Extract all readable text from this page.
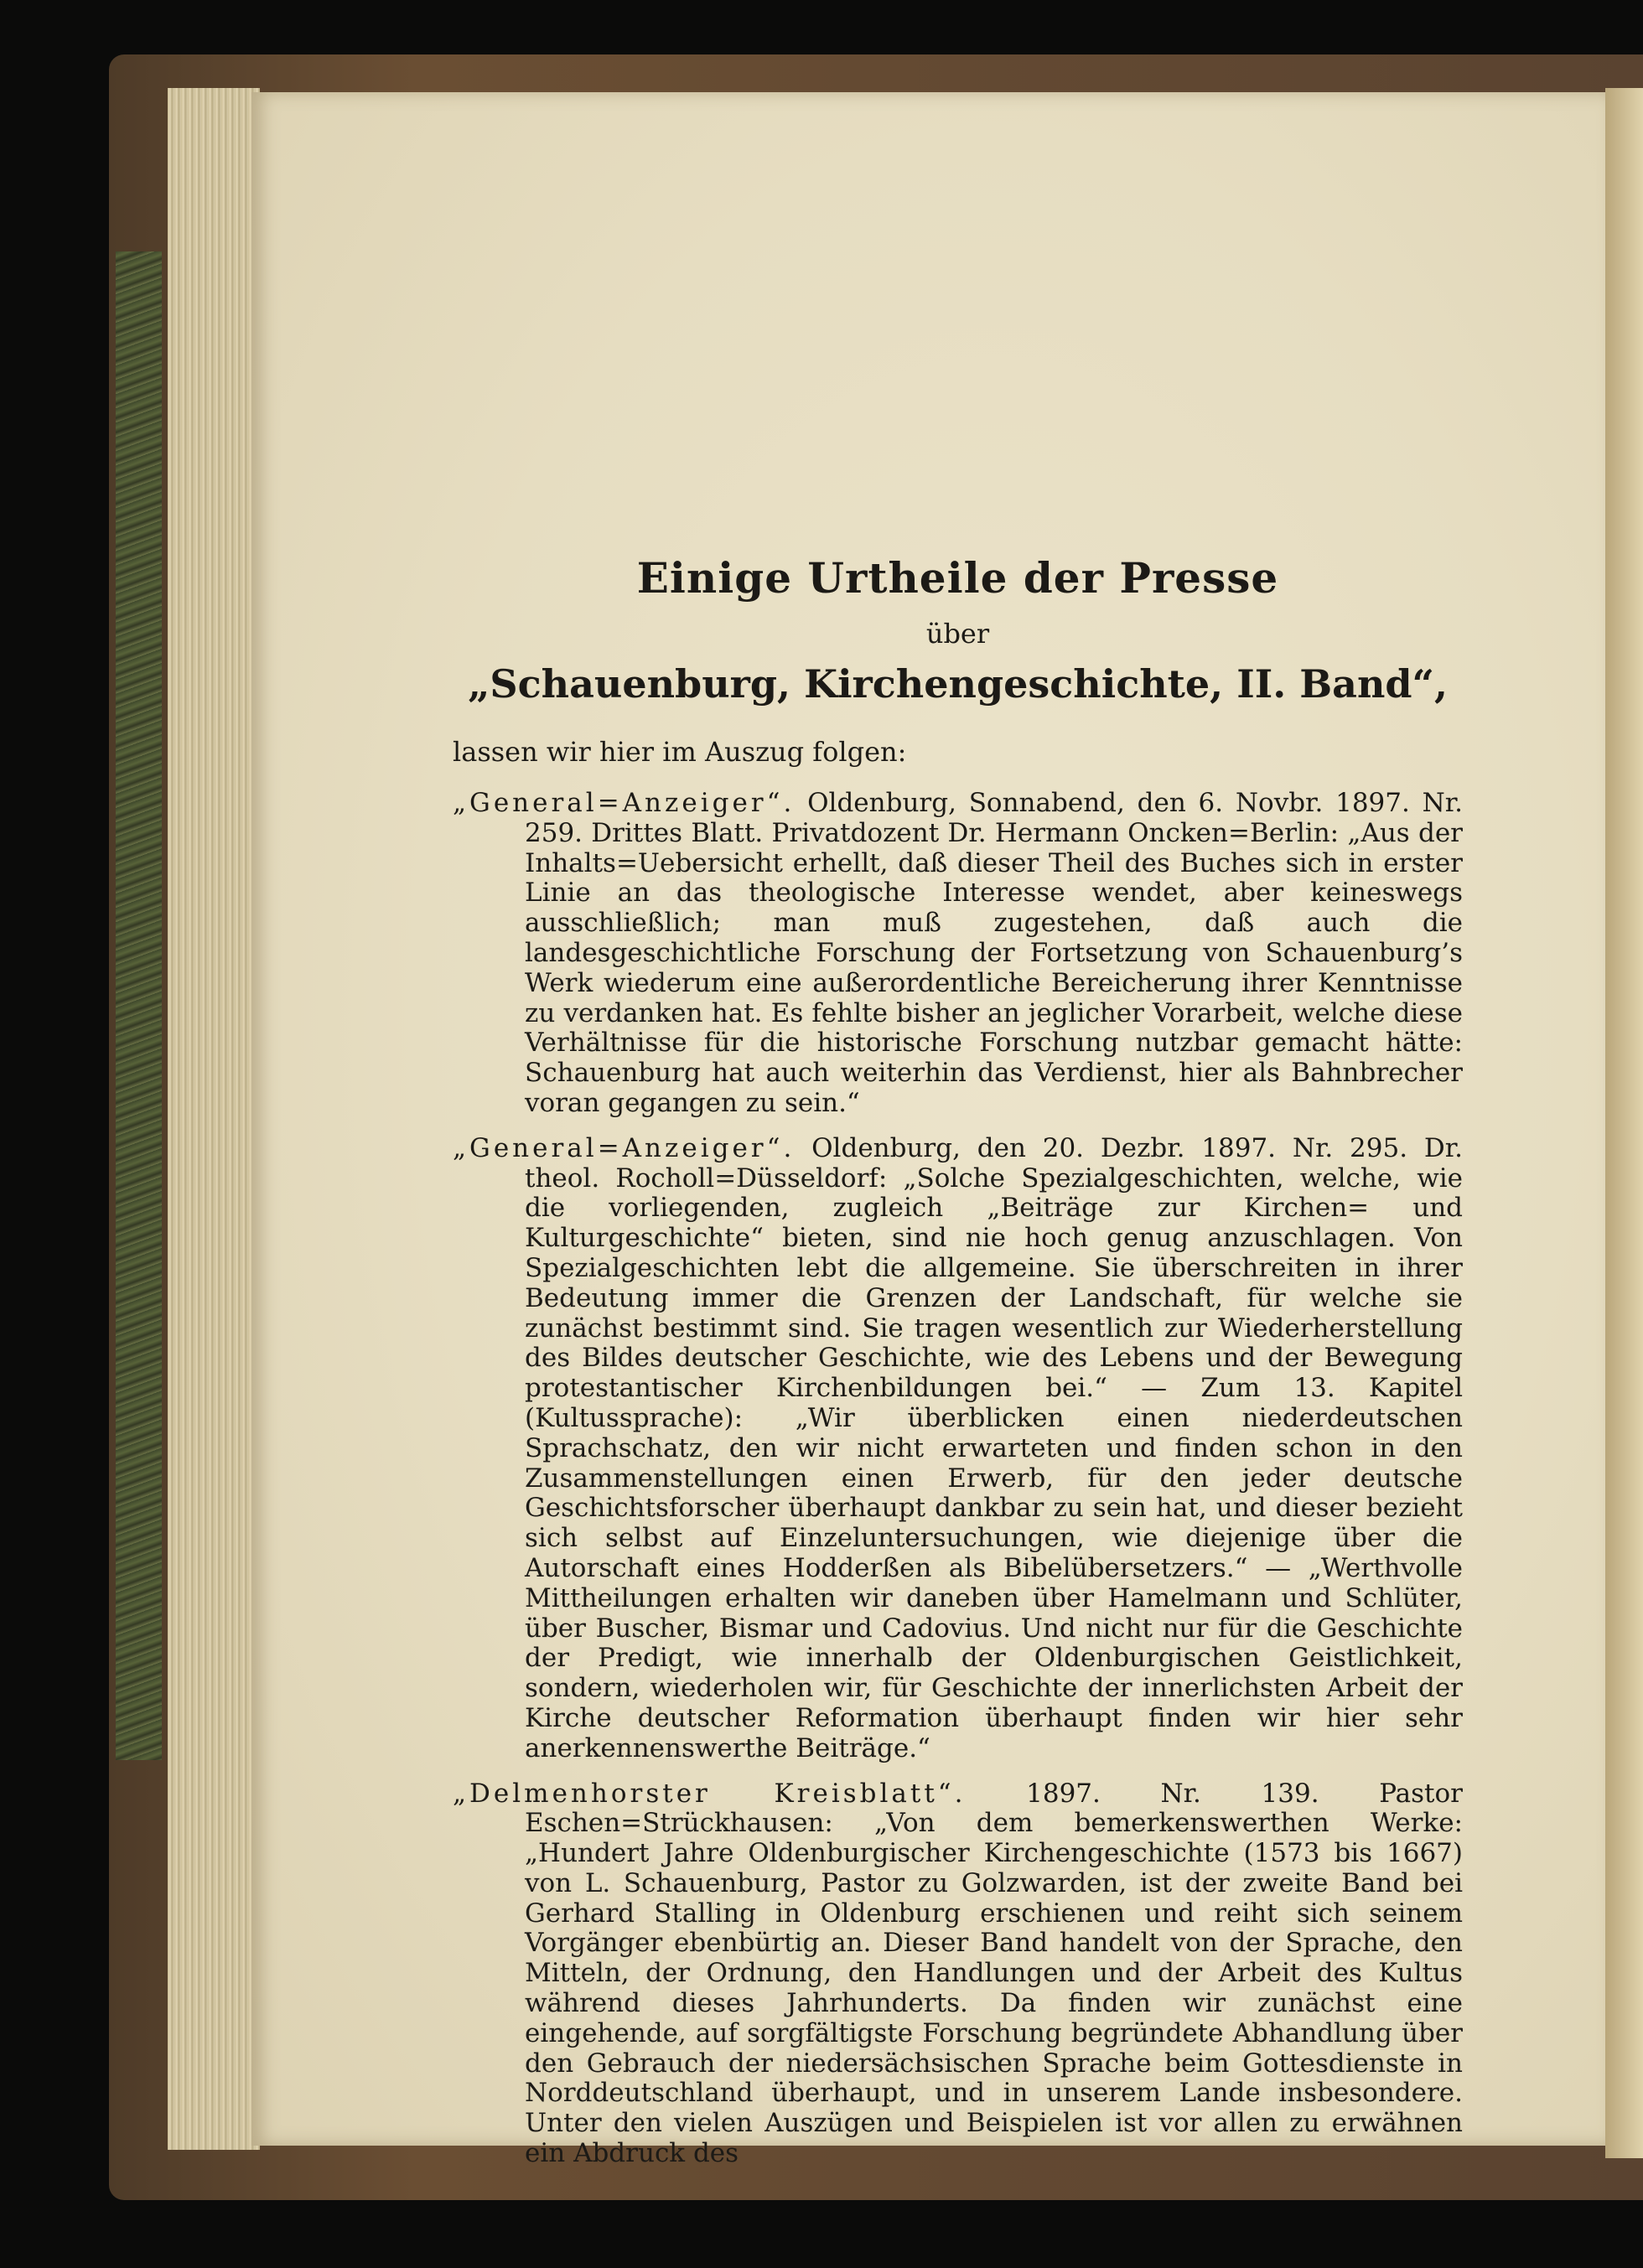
Einige Urtheile der Presse
über
„Schauenburg, Kirchengeschichte, II. Band“,
lassen wir hier im Auszug folgen:

„General=Anzeiger“. Oldenburg, Sonnabend, den 6. Novbr. 1897. Nr. 259. Drittes Blatt. Privatdozent Dr. Hermann Oncken=Berlin: „Aus der Inhalts=Uebersicht erhellt, daß dieser Theil des Buches sich in erster Linie an das theologische Interesse wendet, aber keineswegs ausschließlich; man muß zugestehen, daß auch die landesgeschichtliche Forschung der Fortsetzung von Schauenburg’s Werk wiederum eine außerordentliche Bereicherung ihrer Kenntnisse zu verdanken hat. Es fehlte bisher an jeglicher Vorarbeit, welche diese Verhältnisse für die historische Forschung nutzbar gemacht hätte: Schauenburg hat auch weiterhin das Verdienst, hier als Bahnbrecher voran gegangen zu sein.“

„General=Anzeiger“. Oldenburg, den 20. Dezbr. 1897. Nr. 295. Dr. theol. Rocholl=Düsseldorf: „Solche Spezialgeschichten, welche, wie die vorliegenden, zugleich „Beiträge zur Kirchen= und Kulturgeschichte“ bieten, sind nie hoch genug anzuschlagen. Von Spezialgeschichten lebt die allgemeine. Sie überschreiten in ihrer Bedeutung immer die Grenzen der Landschaft, für welche sie zunächst bestimmt sind. Sie tragen wesentlich zur Wiederherstellung des Bildes deutscher Geschichte, wie des Lebens und der Bewegung protestantischer Kirchenbildungen bei.“ — Zum 13. Kapitel (Kultussprache): „Wir überblicken einen niederdeutschen Sprachschatz, den wir nicht erwarteten und finden schon in den Zusammenstellungen einen Erwerb, für den jeder deutsche Geschichtsforscher überhaupt dankbar zu sein hat, und dieser bezieht sich selbst auf Einzeluntersuchungen, wie diejenige über die Autorschaft eines Hodderßen als Bibelübersetzers.“ — „Werthvolle Mittheilungen erhalten wir daneben über Hamelmann und Schlüter, über Buscher, Bismar und Cadovius. Und nicht nur für die Geschichte der Predigt, wie innerhalb der Oldenburgischen Geistlichkeit, sondern, wiederholen wir, für Geschichte der innerlichsten Arbeit der Kirche deutscher Reformation überhaupt finden wir hier sehr anerkennenswerthe Beiträge.“

„Delmenhorster Kreisblatt“. 1897. Nr. 139. Pastor Eschen=Strückhausen: „Von dem bemerkenswerthen Werke: „Hundert Jahre Oldenburgischer Kirchengeschichte (1573 bis 1667) von L. Schauenburg, Pastor zu Golzwarden, ist der zweite Band bei Gerhard Stalling in Oldenburg erschienen und reiht sich seinem Vorgänger ebenbürtig an. Dieser Band handelt von der Sprache, den Mitteln, der Ordnung, den Handlungen und der Arbeit des Kultus während dieses Jahrhunderts. Da finden wir zunächst eine eingehende, auf sorgfältigste Forschung begründete Abhandlung über den Gebrauch der niedersächsischen Sprache beim Gottesdienste in Norddeutschland überhaupt, und in unserem Lande insbesondere. Unter den vielen Auszügen und Beispielen ist vor allen zu erwähnen ein Abdruck des
